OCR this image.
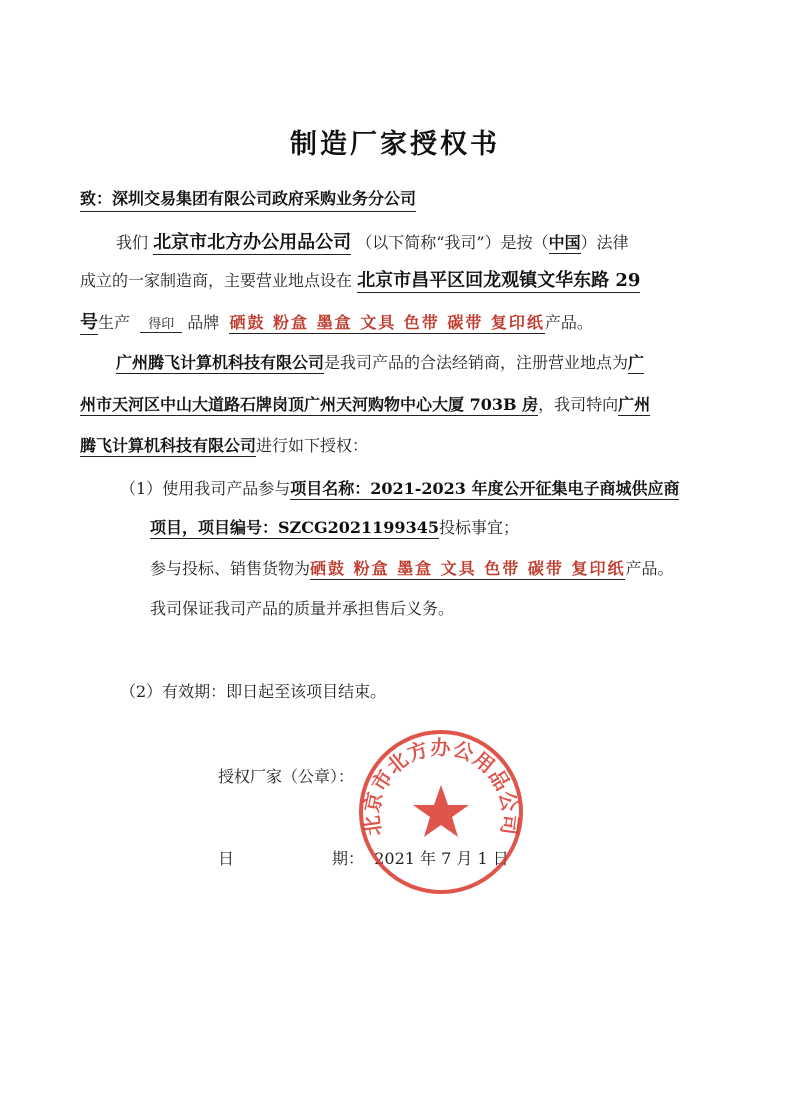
制造厂家授权书
致：深圳交易集团有限公司政府采购业务分公司
我们 北京市北方办公用品公司 （以下简称“我司”）是按（中国）法律
成立的一家制造商，主要营业地点设在 北京市昌平区回龙观镇文华东路 29
号生产 得印 品牌 硒鼓 粉盒 墨盒 文具 色带 碳带 复印纸产品。
广州腾飞计算机科技有限公司是我司产品的合法经销商，注册营业地点为广
州市天河区中山大道路石牌岗顶广州天河购物中心大厦 703B 房，我司特向广州
腾飞计算机科技有限公司进行如下授权：
（1）使用我司产品参与项目名称：2021-2023 年度公开征集电子商城供应商
项目，项目编号：SZCG2021199345投标事宜；
参与投标、销售货物为硒鼓 粉盒 墨盒 文具 色带 碳带 复印纸产品。
我司保证我司产品的质量并承担售后义务。
（2）有效期：即日起至该项目结束。
授权厂家（公章）：
日	期： 2021 年 7 月 1 日
北京市北方办公用品公司
